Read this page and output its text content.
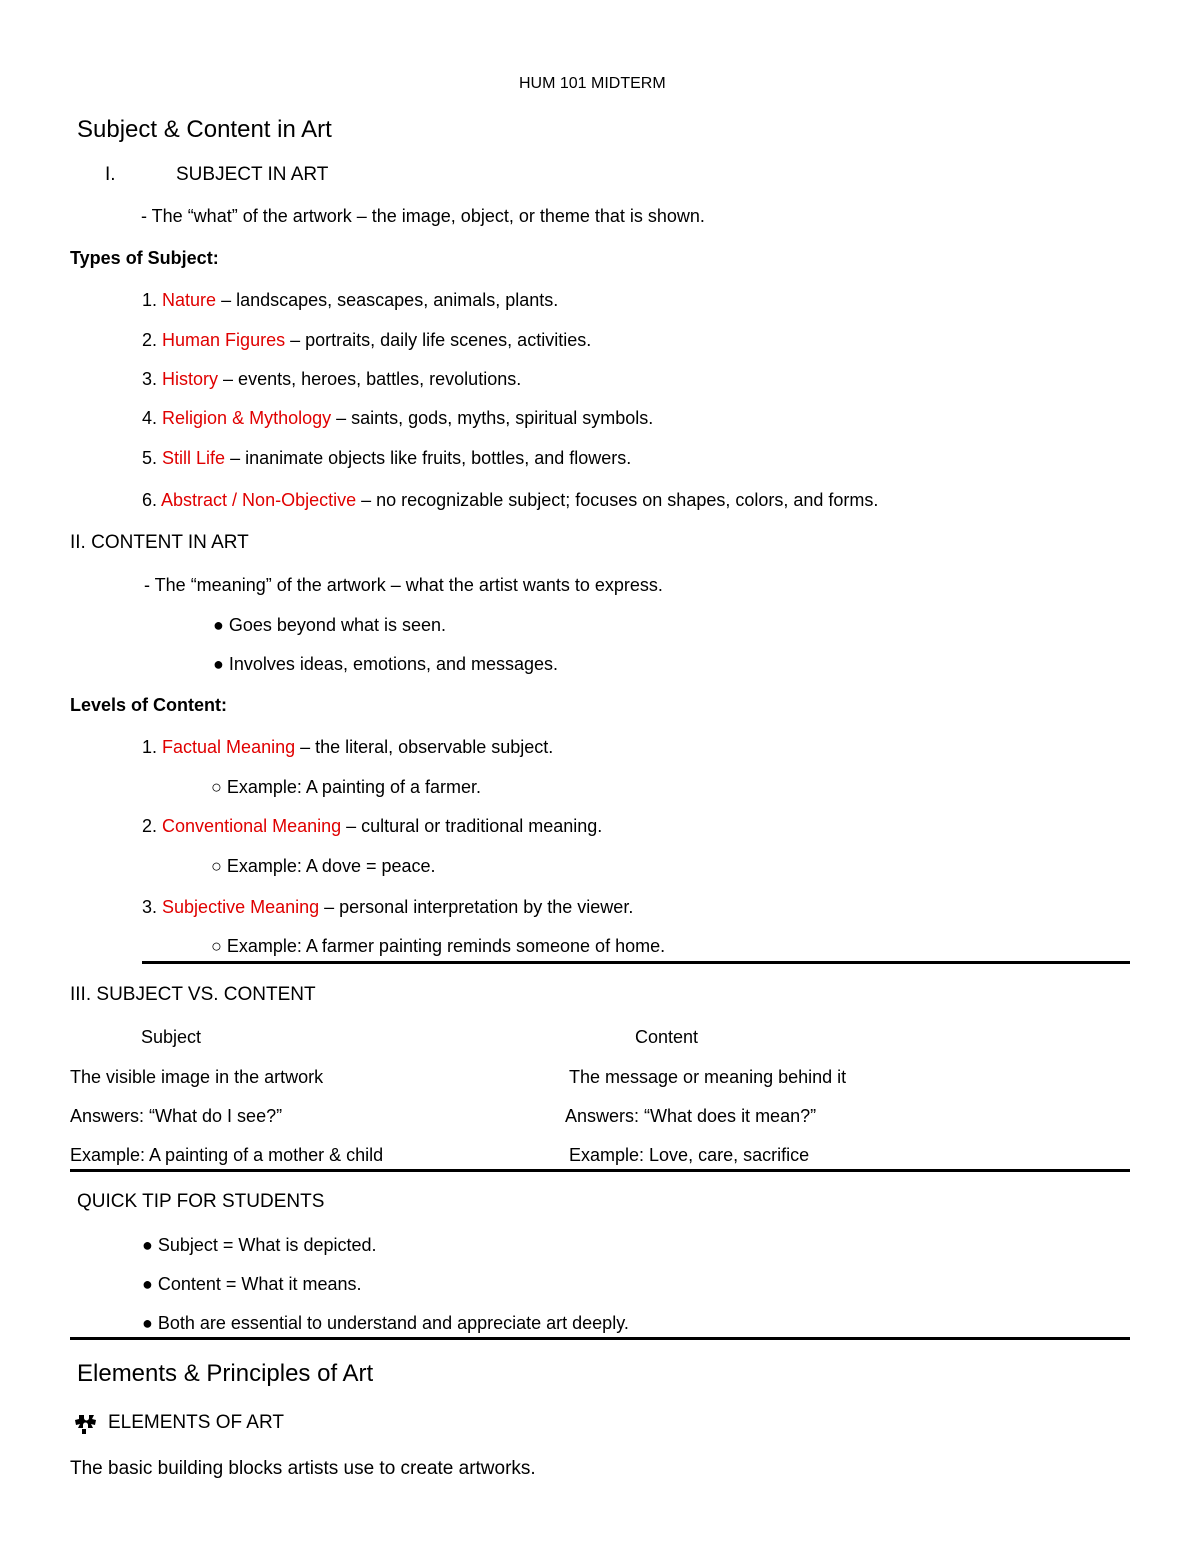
HUM 101 MIDTERM
Subject & Content in Art
I.	SUBJECT IN ART
- The “what” of the artwork – the image, object, or theme that is shown.
Types of Subject:
1. Nature – landscapes, seascapes, animals, plants.
2. Human Figures – portraits, daily life scenes, activities.
3. History – events, heroes, battles, revolutions.
4. Religion & Mythology – saints, gods, myths, spiritual symbols.
5. Still Life – inanimate objects like fruits, bottles, and flowers.
6. Abstract / Non-Objective – no recognizable subject; focuses on shapes, colors, and forms.
II. CONTENT IN ART
- The “meaning” of the artwork – what the artist wants to express.
● Goes beyond what is seen.
● Involves ideas, emotions, and messages.
Levels of Content:
1. Factual Meaning – the literal, observable subject.
○ Example: A painting of a farmer.
2. Conventional Meaning – cultural or traditional meaning.
○ Example: A dove = peace.
3. Subjective Meaning – personal interpretation by the viewer.
○ Example: A farmer painting reminds someone of home.
III. SUBJECT VS. CONTENT
Subject	Content
The visible image in the artwork	The message or meaning behind it
Answers: “What do I see?”	Answers: “What does it mean?”
Example: A painting of a mother & child	Example: Love, care, sacrifice
QUICK TIP FOR STUDENTS
● Subject = What is depicted.
● Content = What it means.
● Both are essential to understand and appreciate art deeply.
Elements & Principles of Art
ELEMENTS OF ART
The basic building blocks artists use to create artworks.
